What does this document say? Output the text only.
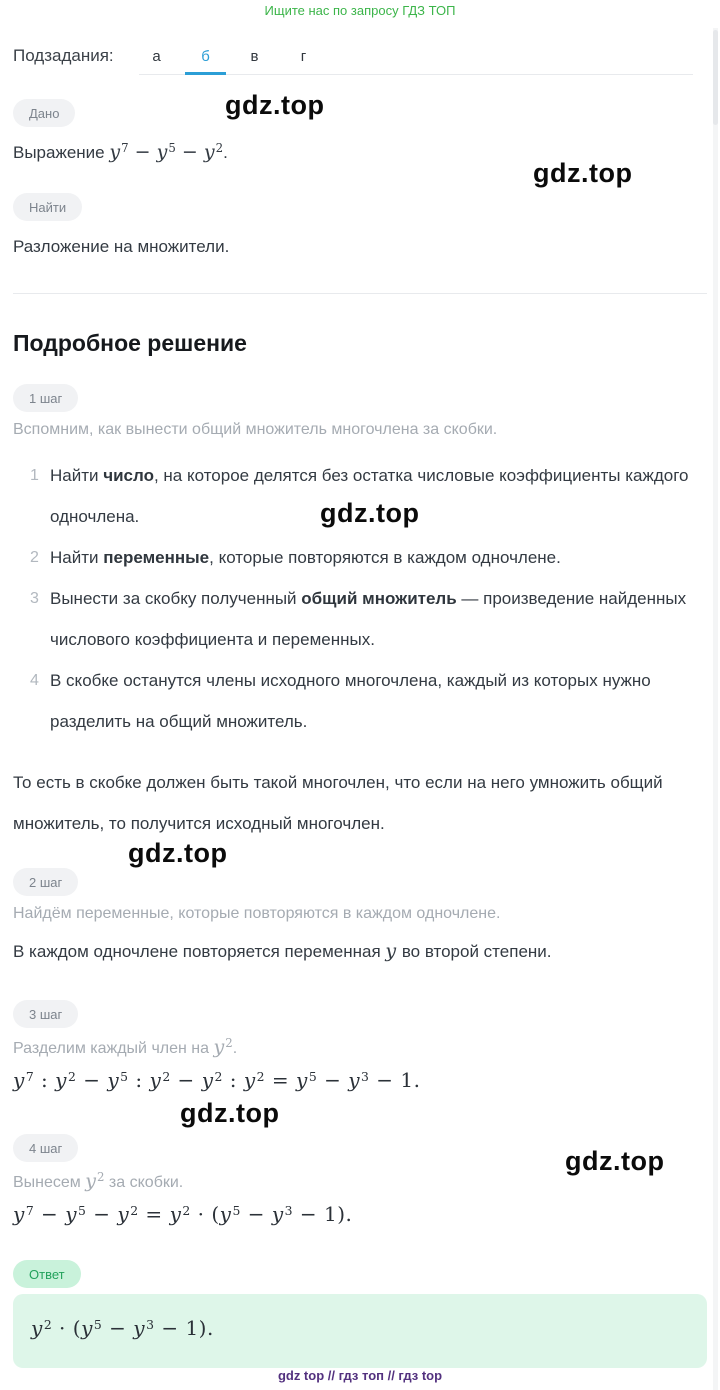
Ищите нас по запросу ГДЗ ТОП
Подзадания:	а	б	в	г
Дано
Выражение $y^7 - y^5 - y^2$.
Найти
Разложение на множители.
Подробное решение
1 шаг
Вспомним, как вынести общий множитель многочлена за скобки.
Найти число, на которое делятся без остатка числовые коэффициенты каждого одночлена.
Найти переменные, которые повторяются в каждом одночлене.
Вынести за скобку полученный общий множитель — произведение найденных числового коэффициента и переменных.
В скобке останутся члены исходного многочлена, каждый из которых нужно разделить на общий множитель.
То есть в скобке должен быть такой многочлен, что если на него умножить общий множитель, то получится исходный многочлен.
2 шаг
Найдём переменные, которые повторяются в каждом одночлене.
В каждом одночлене повторяется переменная y во второй степени.
3 шаг
Разделим каждый член на $y^2$.
$y^7$ : $y^2 - y^5$ : $y^2 - y^2$ : $y^2 = y^5 - y^3 - 1$.
4 шаг
Вынесем $y^2$ за скобки.
$y^7 - y^5 - y^2 = y^2 \cdot (y^5 - y^3 - 1)$.
Ответ
$y^2 \cdot (y^5 - y^3 - 1)$.
gdz top // гдз топ // гдз top
gdz.top
gdz.top
gdz.top
gdz.top
gdz.top
gdz.top
